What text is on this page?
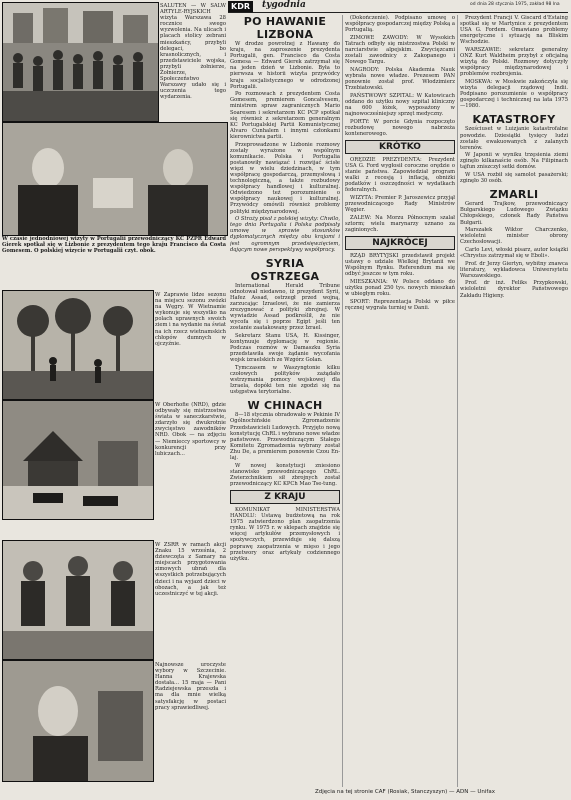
KDR	tygodnia	od dnia 28 stycznia 1975, zakład 98 lna
SALUTEN — W SALW ARTYLE-RYJSKICH wizyta Warszawa 28 rocznice swego wyzwolenia. Na ulicach i placach stolicy zebrani mieszkańcy, przybyli delegaci, bo krasnolicznych, i przedstawiciele wojska, przybyli żołnierze, Żołnierze, Społeczeństwo Warszawy udało się i uczczenia tego wydarzenia.
W czasie jednodniowej wizyty w Portugalii przewodniczący KC PZPR Edward Gierek spotkał się w Lizbonie z prezydentem tego kraju Francisco da Costa Gomesem. O polskiej wizycie w Portugalii czyt. obok.
W Zaprawie lidze sezonu na miejscu sezonu zwózki na Węgry. W Wietnamie wykonuje się wszystko na polach uprawnych swoich ziem i na wydanie na świat na ich rzecz wietnamskich chłopów dumnych w ojczyźnie.
W Oberhofie (NRD), gdzie odbywały się mistrzostwa świata w saneczkarstwie, zdarzyło się dwukrotnie zwycięstwo zawodników NRD. Obok — na zdjęciu — Niemieccy sportowcy w konkurencji przy lubiczach...
W ZSRR w ramach akcji Znaku 15 września, 2 dziewczęta z Samary na miejscach przygotowania zimowych ubrań dla wszystkich potrzebujących dzieci i na wyjazd dzieci w obozach, a jak też uczestniczyć w tej akcji.
Najnowsze uroczyste wybory w Szczecinie. Hanna Krajewska dostała... 15 maja — Pani Radziejewska przeszła i ma dla mnie wielką satysfakcję w postaci pracy sprawiedliwej.
PO HAWANIE LIZBONA

W drodze powrotnej z Hawany do kraju, na zaproszenie prezydenta Portugalii, gen. Francisco da Costa Gomesa — Edward Gierek zatrzymał się na jeden dzień w Lizbonie. Była to pierwsza w historii wizyta przywódcy kraju socjalistycznego w odrodzonej Portugalii.

Po rozmowach z prezydentem Costa Gomesem, premierem Goncalvesem, ministrem spraw zagranicznych Mario Soaresem i sekretarzem KC PCP spotkał się również z sekretarzem generalnym KC Portugalskiej Partii Komunistycznej Alvaro Cunhalem i innymi członkami kierownictwa partii.

Przeprowadzone w Lizbonie rozmowy zostały wyrażone w wspólnym komunikacie. Polska i Portugalia postanowiły nawiązać i rozwijać ścisłe więzi w wielu dziedzinach, w tym współpracę gospodarczą, przemysłową i technologiczną, a także rozbudowy współpracy handlowej i kulturalnej. Odwiedzono też porozumienie o współpracy naukowej i kulturalnej. Przywódcy omówili również problemy polityki międzynarodowej.

O Straży pisał z polskiej wizyty: Chwilo, tego dnia Portugalia i Polska podpisały umowę w sprawie stosunków dyplomatycznych między obu krajami i jest ogromnym przedsięwzięciem, dającym nowe perspektywy współpracy.

SYRIA OSTRZEGA

International Herald Tribune odnotował niedawno, iż prezydent Syrii, Hafez Assad, ostrzegł przed wojną, zarzucając Izraelowi, że nie zamierza zrezygnować z polityki zbrojnej. W wywiadzie Assad podkreślił, że nie wycofa się i poprze Egipt jeśli ten zostanie zaatakowany przez Izrael.

Sekretarz Stanu USA, H. Kissinger, kontynuuje dyplomację w regionie. Podczas rozmów w Damaszku Syria przedstawiła swoje żądanie wycofania wojsk izraelskich ze Wzgórz Golan.

Tymczasem w Waszyngtonie kilku czołowych polityków zażądało wstrzymania pomocy wojskowej dla Izraela, dopóki ten nie zgodzi się na ustępstwa terytorialne.

W CHINACH

8—18 stycznia obradowało w Pekinie IV Ogólnochińskie Zgromadzenie Przedstawicieli Ludowych. Przyjęto nową konstytucję ChRL i wybrano nowe władze państwowe. Przewodniczącym Stałego Komitetu Zgromadzenia wybrany został Zhu De, a premierem ponownie Czou En-laj.

W nowej konstytucji zniesiono stanowisko przewodniczącego ChRL. Zwierzchnikiem sił zbrojnych został przewodniczący KC KPCh Mao Tse-tung.

Z KRAJU

KOMUNIKAT MINISTERSTWA HANDLU: Ustawą budżetową na rok 1975 zatwierdzono plan zaopatrzenia rynku. W 1975 r. w sklepach znajdzie się więcej artykułów przemysłowych i spożywczych, przewiduje się dalszą poprawę zaopatrzenia w mięso i jego przetwory oraz artykuły codziennego użytku.

(Dokończenie). Podpisano umowę o współpracy gospodarczej między Polską a Portugalią.

ZIMOWE ZAWODY: W Wysokich Tatrach odbyły się mistrzostwa Polski w narciarstwie alpejskim. Zwycięzcami zostali zawodnicy z Zakopanego i Nowego Targu.

NAGRODY: Polska Akademia Nauk wybrała nowe władze. Prezesem PAN ponownie został prof. Włodzimierz Trzebiatowski.

PAŃSTWOWY SZPITAL: W Katowicach oddano do użytku nowy szpital kliniczny na 600 łóżek, wyposażony w najnowocześniejszy sprzęt medyczny.

PORTY: W porcie Gdynia rozpoczęto rozbudowę nowego nabrzeża kontenerowego.

KRÓTKO

ORĘDZIE PREZYDENTA: Prezydent USA G. Ford wygłosił coroczne orędzie o stanie państwa. Zapowiedział program walki z recesją i inflacją, obniżki podatków i oszczędności w wydatkach federalnych.

WIZYTA: Premier P. Jaroszewicz przyjął przewodniczącego Rady Ministrów Węgier.

ZALEW: Na Morzu Północnym szalał sztorm; wielu marynarzy uznano za zaginionych.

NAJKRÓCEJ

RZĄD BRYTYJSKI przedstawił projekt ustawy o udziale Wielkiej Brytanii we Wspólnym Rynku. Referendum ma się odbyć jeszcze w tym roku.

MIESZKANIA: W Polsce oddano do użytku ponad 250 tys. nowych mieszkań w ubiegłym roku.

SPORT: Reprezentacja Polski w piłce ręcznej wygrała turniej w Danii.

Prezydent Francji V. Giscard d'Estaing spotkał się w Martynice z prezydentem USA G. Fordem. Omawiano problemy energetyczne i sytuację na Bliskim Wschodzie.

WARSZAWIE: sekretarz generalny ONZ Kurt Waldheim przybył z oficjalną wizytą do Polski. Rozmowy dotyczyły współpracy międzynarodowej i problemów rozbrojenia.

MOSKWA: w Moskwie zakończyła się wizyta delegacji rządowej Indii. Podpisano porozumienie o współpracy gospodarczej i technicznej na lata 1975—1980.

KATASTROFY

Sześciuset w Luizjanie katastrofalne powodzie. Dziesiątki tysięcy ludzi zostało ewakuowanych z zalanych terenów.

W Japonii w wyniku trzęsienia ziemi zginęło kilkanaście osób. Na Filipinach tajfun zniszczył setki domów.

W USA rozbił się samolot pasażerski; zginęło 30 osób.

ZMARLI

Gerard Trajkow, przewodniczący Bułgarskiego Ludowego Związku Chłopskiego, członek Rady Państwa Bułgarii.

Marszałek Wiktor Charczenko, wieloletni minister obrony Czechosłowacji.

Carlo Levi, włoski pisarz, autor książki «Chrystus zatrzymał się w Eboli».

Prof. dr Jerzy Giertyn, wybitny znawca literatury, wykładowca Uniwersytetu Warszawskiego.

Prof. dr inż. Feliks Przypkowski, wieloletni dyrektor Państwowego Zakładu Higieny.

Zdjęcia na tej stronie CAF (Rosiak, Stanczyszyn) — ADN — Unifax
